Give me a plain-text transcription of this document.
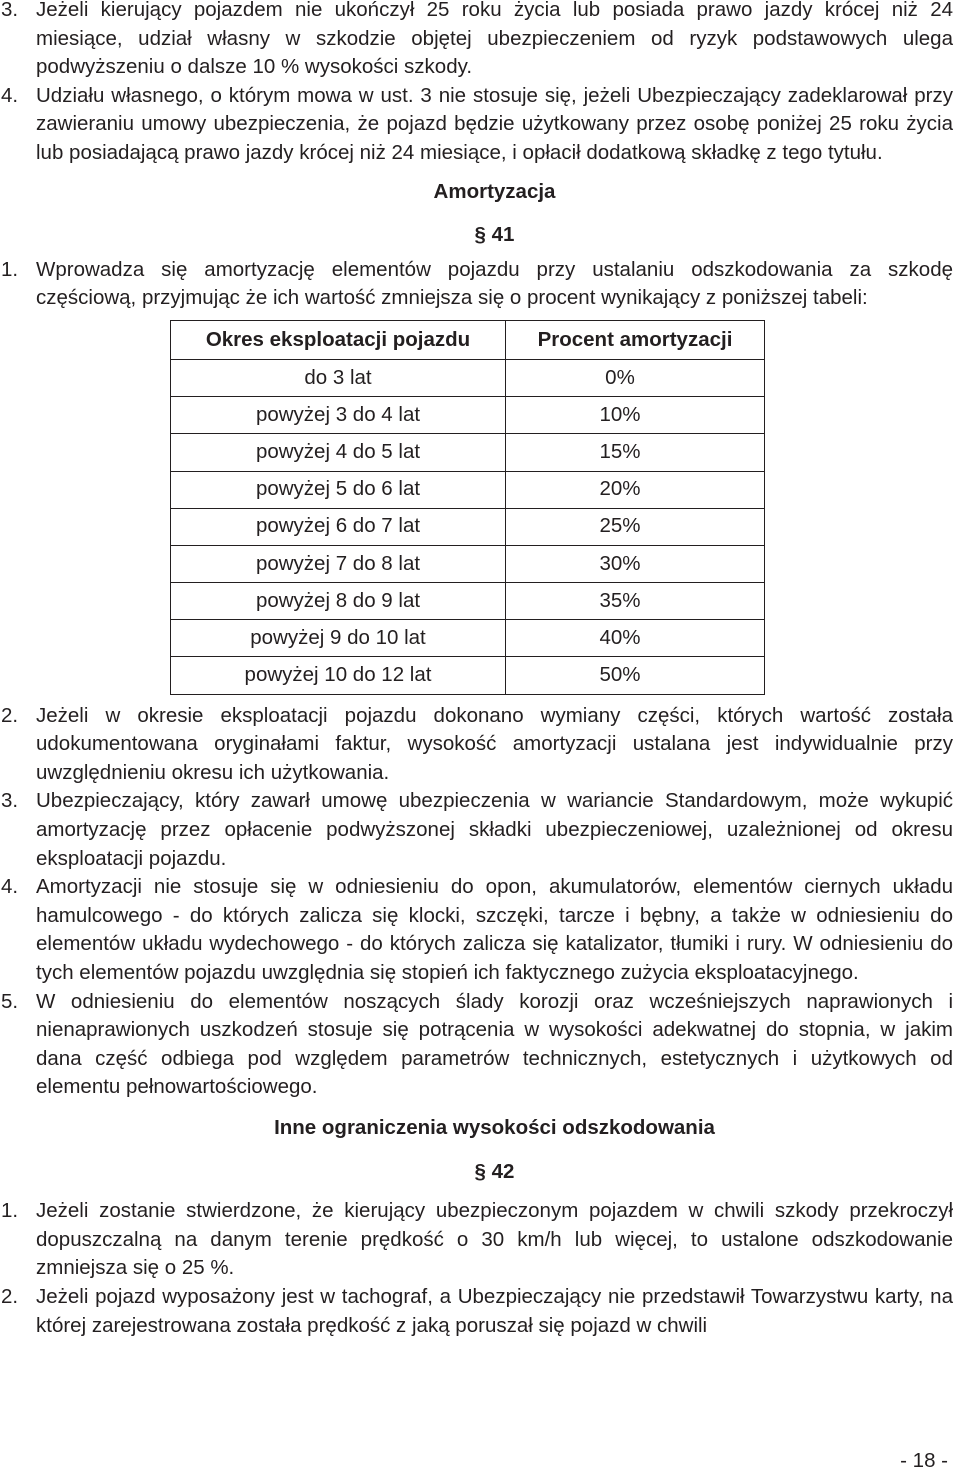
3. Jeżeli kierujący pojazdem nie ukończył 25 roku życia lub posiada prawo jazdy krócej niż 24 miesiące, udział własny w szkodzie objętej ubezpieczeniem od ryzyk podstawowych ulega podwyższeniu o dalsze 10 % wysokości szkody.
4. Udziału własnego, o którym mowa w ust. 3 nie stosuje się, jeżeli Ubezpieczający zadeklarował przy zawieraniu umowy ubezpieczenia, że pojazd będzie użytkowany przez osobę poniżej 25 roku życia lub posiadającą prawo jazdy krócej niż 24 miesiące, i opłacił dodatkową składkę z tego tytułu.
Amortyzacja
§ 41
1. Wprowadza się amortyzację elementów pojazdu przy ustalaniu odszkodowania za szkodę częściową, przyjmując że ich wartość zmniejsza się o procent wynikający z poniższej tabeli:
Okres eksploatacji pojazdu	Procent amortyzacji
do 3 lat	0%
powyżej 3 do 4 lat	10%
powyżej 4 do 5 lat	15%
powyżej 5 do 6 lat	20%
powyżej 6 do 7 lat	25%
powyżej 7 do 8 lat	30%
powyżej 8 do 9 lat	35%
powyżej 9 do 10 lat	40%
powyżej 10 do 12 lat	50%
2. Jeżeli w okresie eksploatacji pojazdu dokonano wymiany części, których wartość została udokumentowana oryginałami faktur, wysokość amortyzacji ustalana jest indywidualnie przy uwzględnieniu okresu ich użytkowania.
3. Ubezpieczający, który zawarł umowę ubezpieczenia w wariancie Standardowym, może wykupić amortyzację przez opłacenie podwyższonej składki ubezpieczeniowej, uzależnionej od okresu eksploatacji pojazdu.
4. Amortyzacji nie stosuje się w odniesieniu do opon, akumulatorów, elementów ciernych układu hamulcowego - do których zalicza się klocki, szczęki, tarcze i bębny, a także w odniesieniu do elementów układu wydechowego - do których zalicza się katalizator, tłumiki i rury. W odniesieniu do tych elementów pojazdu uwzględnia się stopień ich faktycznego zużycia eksploatacyjnego.
5. W odniesieniu do elementów noszących ślady korozji oraz wcześniejszych naprawionych i nienaprawionych uszkodzeń stosuje się potrącenia w wysokości adekwatnej do stopnia, w jakim dana część odbiega pod względem parametrów technicznych, estetycznych i użytkowych od elementu pełnowartościowego.
Inne ograniczenia wysokości odszkodowania
§ 42
1. Jeżeli zostanie stwierdzone, że kierujący ubezpieczonym pojazdem w chwili szkody przekroczył dopuszczalną na danym terenie prędkość o 30 km/h lub więcej, to ustalone odszkodowanie zmniejsza się o 25 %.
2. Jeżeli pojazd wyposażony jest w tachograf, a Ubezpieczający nie przedstawił Towarzystwu karty, na której zarejestrowana została prędkość z jaką poruszał się pojazd w chwili
- 18 -
